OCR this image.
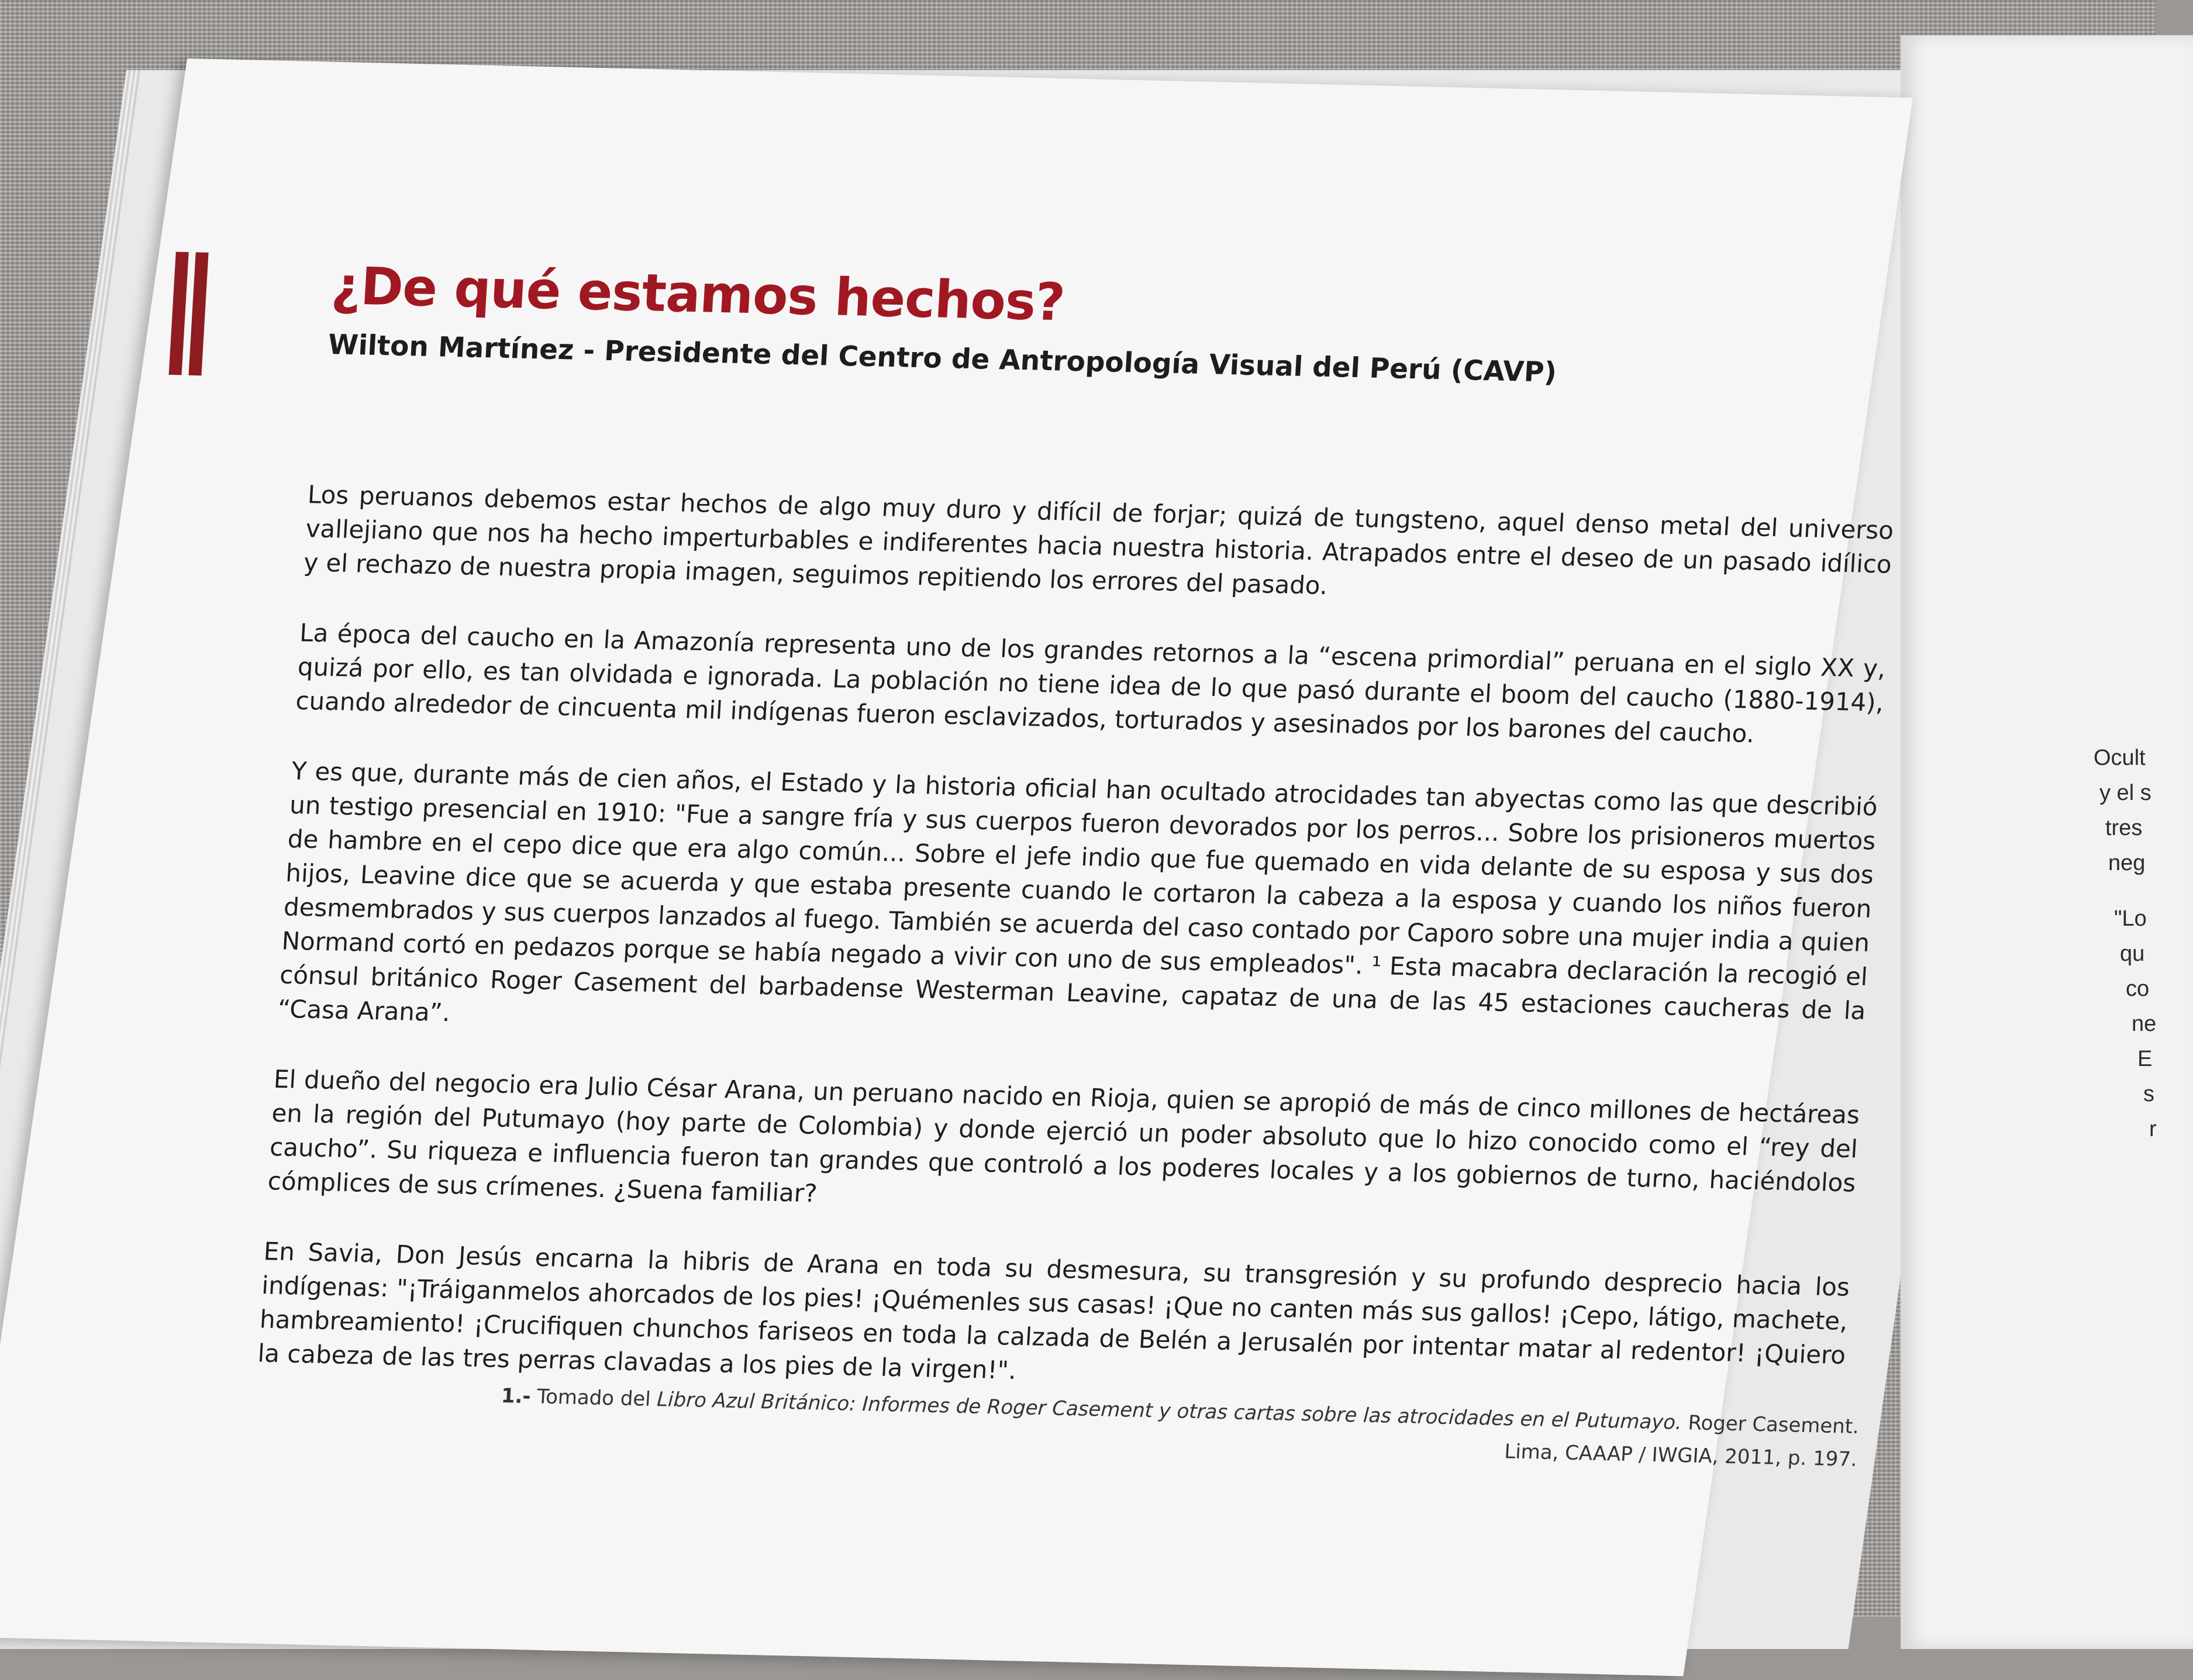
Ocult
y el s
tres
neg
"Lo
qu
co
ne
E
s
r
¿De qué estamos hechos?
Wilton Martínez - Presidente del Centro de Antropología Visual del Perú (CAVP)

Los peruanos debemos estar hechos de algo muy duro y difícil de forjar; quizá de tungsteno, aquel denso metal del universo vallejiano que nos ha hecho imperturbables e indiferentes hacia nuestra historia. Atrapados entre el deseo de un pasado idílico y el rechazo de nuestra propia imagen, seguimos repitiendo los errores del pasado.

La época del caucho en la Amazonía representa uno de los grandes retornos a la “escena primordial” peruana en el siglo XX y, quizá por ello, es tan olvidada e ignorada. La población no tiene idea de lo que pasó durante el boom del caucho (1880-1914), cuando alrededor de cincuenta mil indígenas fueron esclavizados, torturados y asesinados por los barones del caucho.

Y es que, durante más de cien años, el Estado y la historia oficial han ocultado atrocidades tan abyectas como las que describió un testigo presencial en 1910: "Fue a sangre fría y sus cuerpos fueron devorados por los perros... Sobre los prisioneros muertos de hambre en el cepo dice que era algo común... Sobre el jefe indio que fue quemado en vida delante de su esposa y sus dos hijos, Leavine dice que se acuerda y que estaba presente cuando le cortaron la cabeza a la esposa y cuando los niños fueron desmembrados y sus cuerpos lanzados al fuego. También se acuerda del caso contado por Caporo sobre una mujer india a quien Normand cortó en pedazos porque se había negado a vivir con uno de sus empleados". ¹ Esta macabra declaración la recogió el cónsul británico Roger Casement del barbadense Westerman Leavine, capataz de una de las 45 estaciones caucheras de la “Casa Arana”.

El dueño del negocio era Julio César Arana, un peruano nacido en Rioja, quien se apropió de más de cinco millones de hectáreas en la región del Putumayo (hoy parte de Colombia) y donde ejerció un poder absoluto que lo hizo conocido como el “rey del caucho”. Su riqueza e influencia fueron tan grandes que controló a los poderes locales y a los gobiernos de turno, haciéndolos cómplices de sus crímenes. ¿Suena familiar?

En Savia, Don Jesús encarna la hibris de Arana en toda su desmesura, su transgresión y su profundo desprecio hacia los indígenas: "¡Tráiganmelos ahorcados de los pies! ¡Quémenles sus casas! ¡Que no canten más sus gallos! ¡Cepo, látigo, machete, hambreamiento! ¡Crucifiquen chunchos fariseos en toda la calzada de Belén a Jerusalén por intentar matar al redentor! ¡Quiero la cabeza de las tres perras clavadas a los pies de la virgen!".

1.- Tomado del Libro Azul Británico: Informes de Roger Casement y otras cartas sobre las atrocidades en el Putumayo. Roger Casement.
Lima, CAAAP / IWGIA, 2011, p. 197.
